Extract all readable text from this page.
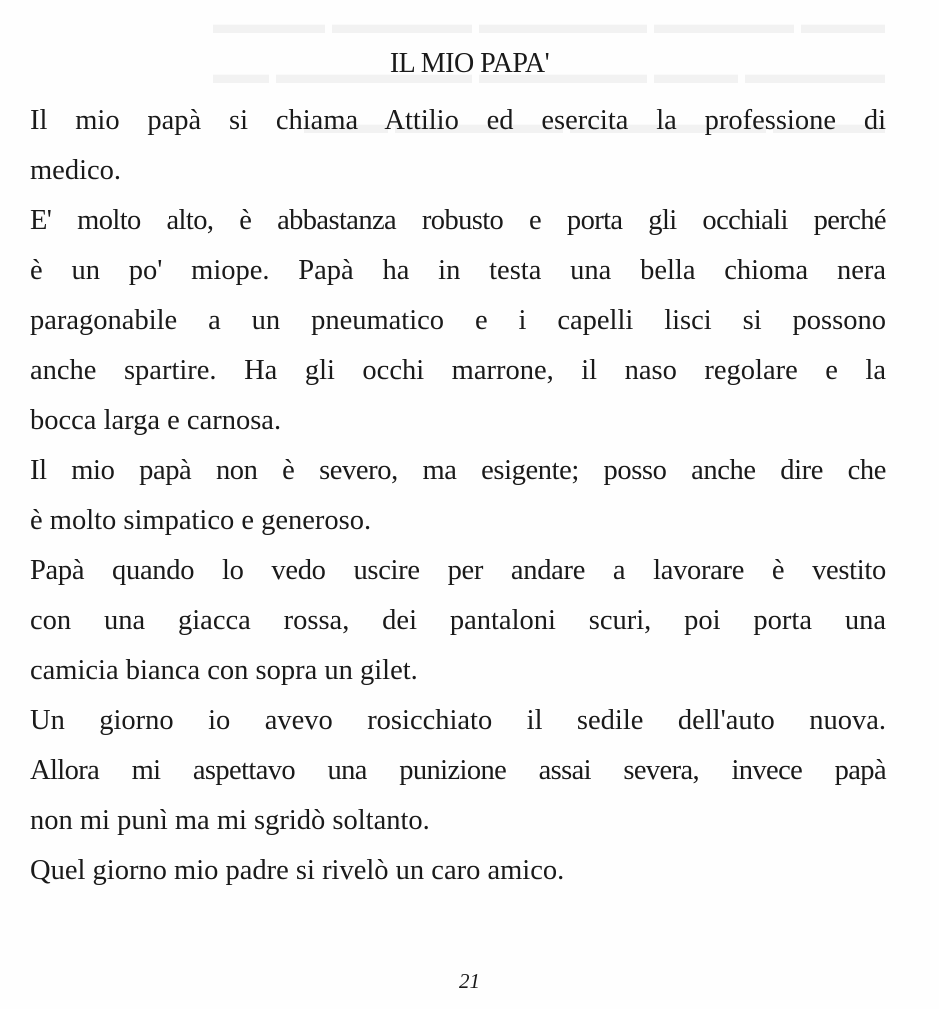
IL MIO PAPA'
Il mio papà si chiama Attilio ed esercita la professione di
medico.
E' molto alto, è abbastanza robusto e porta gli occhiali perché
è un po' miope. Papà ha in testa una bella chioma nera
paragonabile a un pneumatico e i capelli lisci si possono
anche spartire. Ha gli occhi marrone, il naso regolare e la
bocca larga e carnosa.
Il mio papà non è severo, ma esigente; posso anche dire che
è molto simpatico e generoso.
Papà quando lo vedo uscire per andare a lavorare è vestito
con una giacca rossa, dei pantaloni scuri, poi porta una
camicia bianca con sopra un gilet.
Un giorno io avevo rosicchiato il sedile dell'auto nuova.
Allora mi aspettavo una punizione assai severa, invece papà
non mi punì ma mi sgridò soltanto.
Quel giorno mio padre si rivelò un caro amico.
21
